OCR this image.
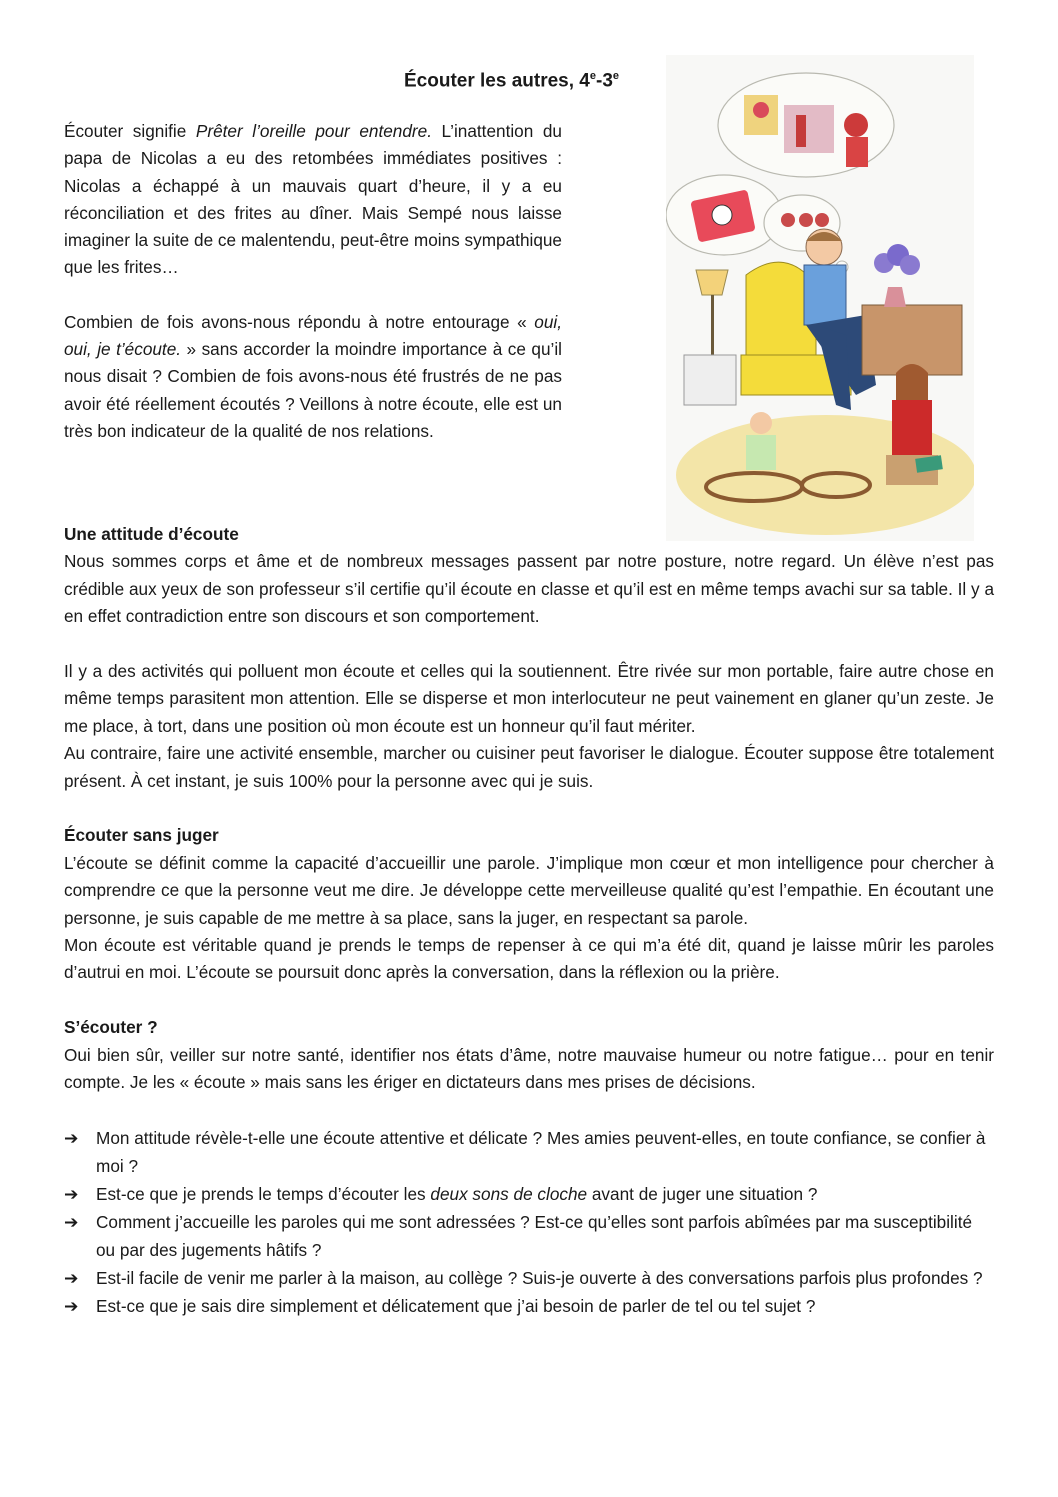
Écouter les autres, 4e-3e

Écouter signifie Prêter l’oreille pour entendre. L’inattention du papa de Nicolas a eu des retombées immédiates positives : Nicolas a échappé à un mauvais quart d’heure, il y a eu réconciliation et des frites au dîner. Mais Sempé nous laisse imaginer la suite de ce malentendu, peut-être moins sympathique que les frites…

Combien de fois avons-nous répondu à notre entourage « oui, oui, je t’écoute. » sans accorder la moindre importance à ce qu’il nous disait ? Combien de fois avons-nous été frustrés de ne pas avoir été réellement écoutés ? Veillons à notre écoute, elle est un très bon indicateur de la qualité de nos relations.

Une attitude d’écoute

Nous sommes corps et âme et de nombreux messages passent par notre posture, notre regard. Un élève n’est pas crédible aux yeux de son professeur s’il certifie qu’il écoute en classe et qu’il est en même temps avachi sur sa table. Il y a en effet contradiction entre son discours et son comportement.

Il y a des activités qui polluent mon écoute et celles qui la soutiennent. Être rivée sur mon portable, faire autre chose en même temps parasitent mon attention. Elle se disperse et mon interlocuteur ne peut vainement en glaner qu’un zeste. Je me place, à tort, dans une position où mon écoute est un honneur qu’il faut mériter.

Au contraire, faire une activité ensemble, marcher ou cuisiner peut favoriser le dialogue. Écouter suppose être totalement présent. À cet instant, je suis 100% pour la personne avec qui je suis.

Écouter sans juger

L’écoute se définit comme la capacité d’accueillir une parole. J’implique mon cœur et mon intelligence pour chercher à comprendre ce que la personne veut me dire. Je développe cette merveilleuse qualité qu’est l’empathie. En écoutant une personne, je suis capable de me mettre à sa place, sans la juger, en respectant sa parole.

Mon écoute est véritable quand je prends le temps de repenser à ce qui m’a été dit, quand je laisse mûrir les paroles d’autrui en moi. L’écoute se poursuit donc après la conversation, dans la réflexion ou la prière.

S’écouter ?

Oui bien sûr, veiller sur notre santé, identifier nos états d’âme, notre mauvaise humeur ou notre fatigue… pour en tenir compte. Je les « écoute » mais sans les ériger en dictateurs dans mes prises de décisions.

➔	Mon attitude révèle-t-elle une écoute attentive et délicate ? Mes amies peuvent-elles, en toute confiance, se confier à moi ?
➔	Est-ce que je prends le temps d’écouter les deux sons de cloche avant de juger une situation ?
➔	Comment j’accueille les paroles qui me sont adressées ? Est-ce qu’elles sont parfois abîmées par ma susceptibilité ou par des jugements hâtifs ?
➔	Est-il facile de venir me parler à la maison, au collège ? Suis-je ouverte à des conversations parfois plus profondes ?
➔	Est-ce que je sais dire simplement et délicatement que j’ai besoin de parler de tel ou tel sujet ?
